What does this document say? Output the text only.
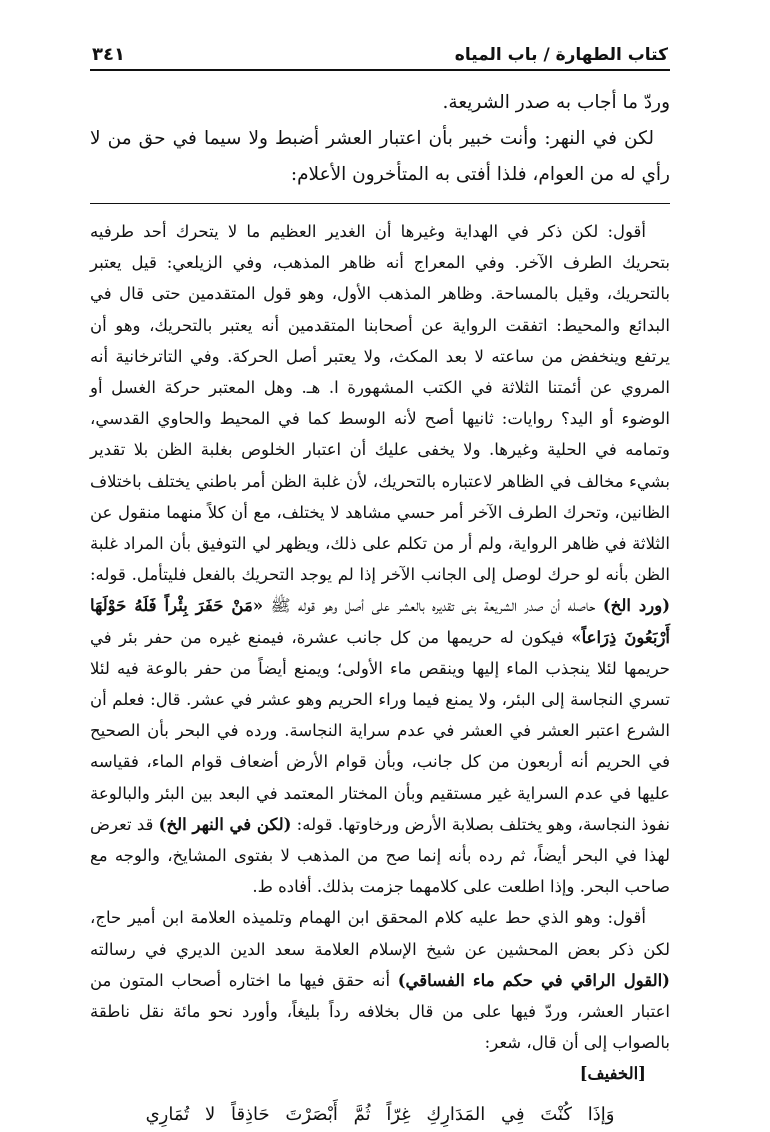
كتاب الطهارة / باب المياه
٣٤١

وردّ ما أجاب به صدر الشريعة.

لكن في النهر: وأنت خبير بأن اعتبار العشر أضبط ولا سيما في حق من لا رأي له من العوام، فلذا أفتى به المتأخرون الأعلام:

أقول: لكن ذكر في الهداية وغيرها أن الغدير العظيم ما لا يتحرك أحد طرفيه بتحريك الطرف الآخر. وفي المعراج أنه ظاهر المذهب، وفي الزيلعي: قيل يعتبر بالتحريك، وقيل بالمساحة. وظاهر المذهب الأول، وهو قول المتقدمين حتى قال في البدائع والمحيط: اتفقت الرواية عن أصحابنا المتقدمين أنه يعتبر بالتحريك، وهو أن يرتفع وينخفض من ساعته لا بعد المكث، ولا يعتبر أصل الحركة. وفي التاترخانية أنه المروي عن أئمتنا الثلاثة في الكتب المشهورة ا. هـ. وهل المعتبر حركة الغسل أو الوضوء أو اليد؟ روايات: ثانيها أصح لأنه الوسط كما في المحيط والحاوي القدسي، وتمامه في الحلية وغيرها. ولا يخفى عليك أن اعتبار الخلوص بغلبة الظن بلا تقدير بشيء مخالف في الظاهر لاعتباره بالتحريك، لأن غلبة الظن أمر باطني يختلف باختلاف الظانين، وتحرك الطرف الآخر أمر حسي مشاهد لا يختلف، مع أن كلاً منهما منقول عن الثلاثة في ظاهر الرواية، ولم أر من تكلم على ذلك، ويظهر لي التوفيق بأن المراد غلبة الظن بأنه لو حرك لوصل إلى الجانب الآخر إذا لم يوجد التحريك بالفعل فليتأمل. قوله: (ورد الخ) حاصله أن صدر الشريعة بنى تقديره بالعشر على أصل وهو قوله ﷺ «مَنْ حَفَرَ بِئْراً فَلَهُ حَوْلَهَا أَرْبَعُونَ ذِرَاعاً» فيكون له حريمها من كل جانب عشرة، فيمنع غيره من حفر بئر في حريمها لئلا ينجذب الماء إليها وينقص ماء الأولى؛ ويمنع أيضاً من حفر بالوعة فيه لئلا تسري النجاسة إلى البئر، ولا يمنع فيما وراء الحريم وهو عشر في عشر. قال: فعلم أن الشرع اعتبر العشر في العشر في عدم سراية النجاسة. ورده في البحر بأن الصحيح في الحريم أنه أربعون من كل جانب، وبأن قوام الأرض أضعاف قوام الماء، فقياسه عليها في عدم السراية غير مستقيم وبأن المختار المعتمد في البعد بين البئر والبالوعة نفوذ النجاسة، وهو يختلف بصلابة الأرض ورخاوتها. قوله: (لكن في النهر الخ) قد تعرض لهذا في البحر أيضاً، ثم رده بأنه إنما صح من المذهب لا بفتوى المشايخ، والوجه مع صاحب البحر. وإذا اطلعت على كلامهما جزمت بذلك. أفاده ط.

أقول: وهو الذي حط عليه كلام المحقق ابن الهمام وتلميذه العلامة ابن أمير حاج، لكن ذكر بعض المحشين عن شيخ الإسلام العلامة سعد الدين الديري في رسالته (القول الراقي في حكم ماء الفساقي) أنه حقق فيها ما اختاره أصحاب المتون من اعتبار العشر، وردّ فيها على من قال بخلافه رداً بليغاً، وأورد نحو مائة نقل ناطقة بالصواب إلى أن قال، شعر:
[الخفيف]

وَإذَا كُنْتَ فِي المَدَارِكِ غِرّاً ثُمَّ أَبْصَرْتَ حَاذِقاً لا تُمَارِي
